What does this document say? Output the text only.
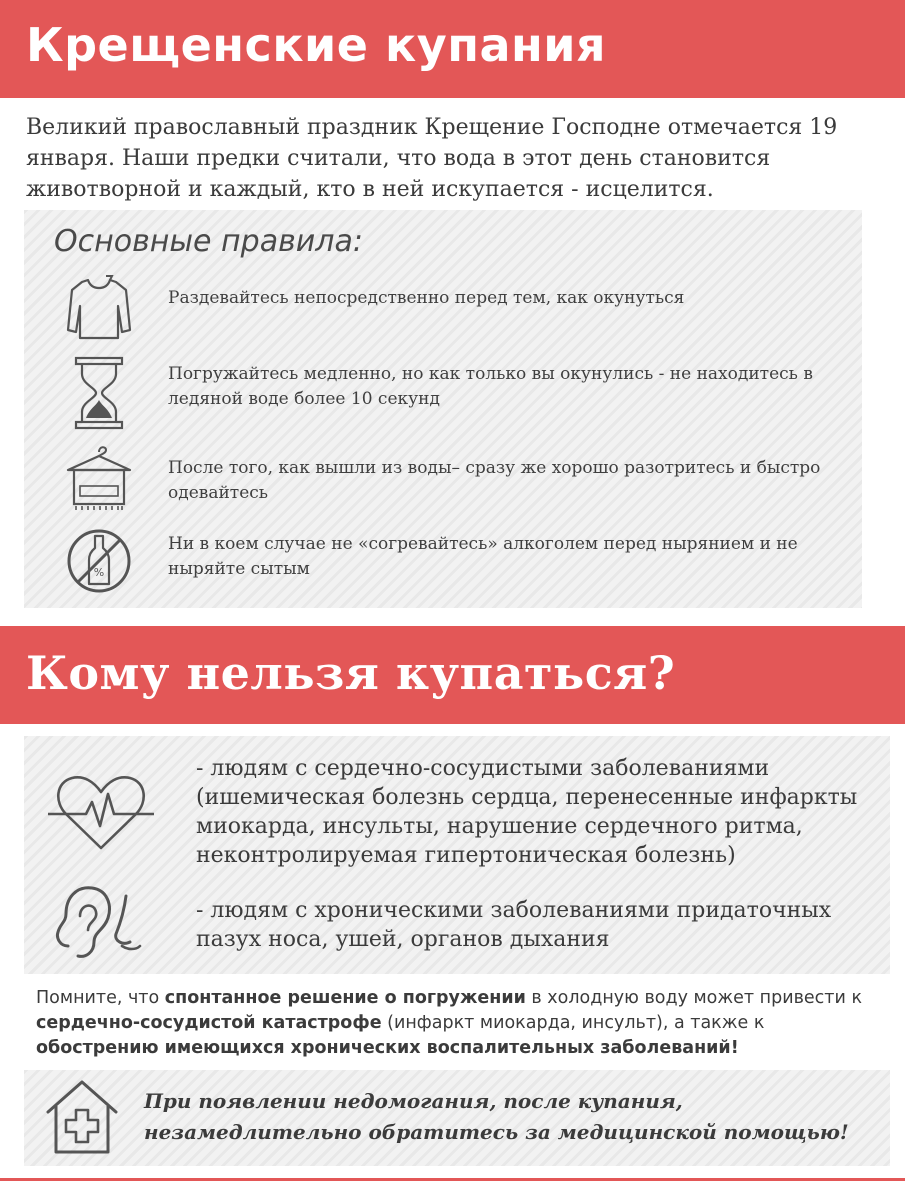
Крещенские купания
Великий православный праздник Крещение Господне отмечается 19 января. Наши предки считали, что вода в этот день становится животворной и каждый, кто в ней искупается - исцелится.
Основные правила:
Раздевайтесь непосредственно перед тем, как окунуться
Погружайтесь медленно, но как только вы окунулись - не находитесь в ледяной воде более 10 секунд
После того, как вышли из воды– сразу же хорошо разотритесь и быстро одевайтесь
%
Ни в коем случае не «согревайтесь» алкоголем перед нырянием и не ныряйте сытым
Кому нельзя купаться?
- людям с сердечно-сосудистыми заболеваниями (ишемическая болезнь сердца, перенесенные инфаркты миокарда, инсульты, нарушение сердечного ритма, неконтролируемая гипертоническая болезнь)
- людям с хроническими заболеваниями придаточных пазух носа, ушей, органов дыхания
Помните, что спонтанное решение о погружении в холодную воду может привести к сердечно-сосудистой катастрофе (инфаркт миокарда, инсульт), а также к обострению имеющихся хронических воспалительных заболеваний!
При появлении недомогания, после купания, незамедлительно обратитесь за медицинской помощью!
